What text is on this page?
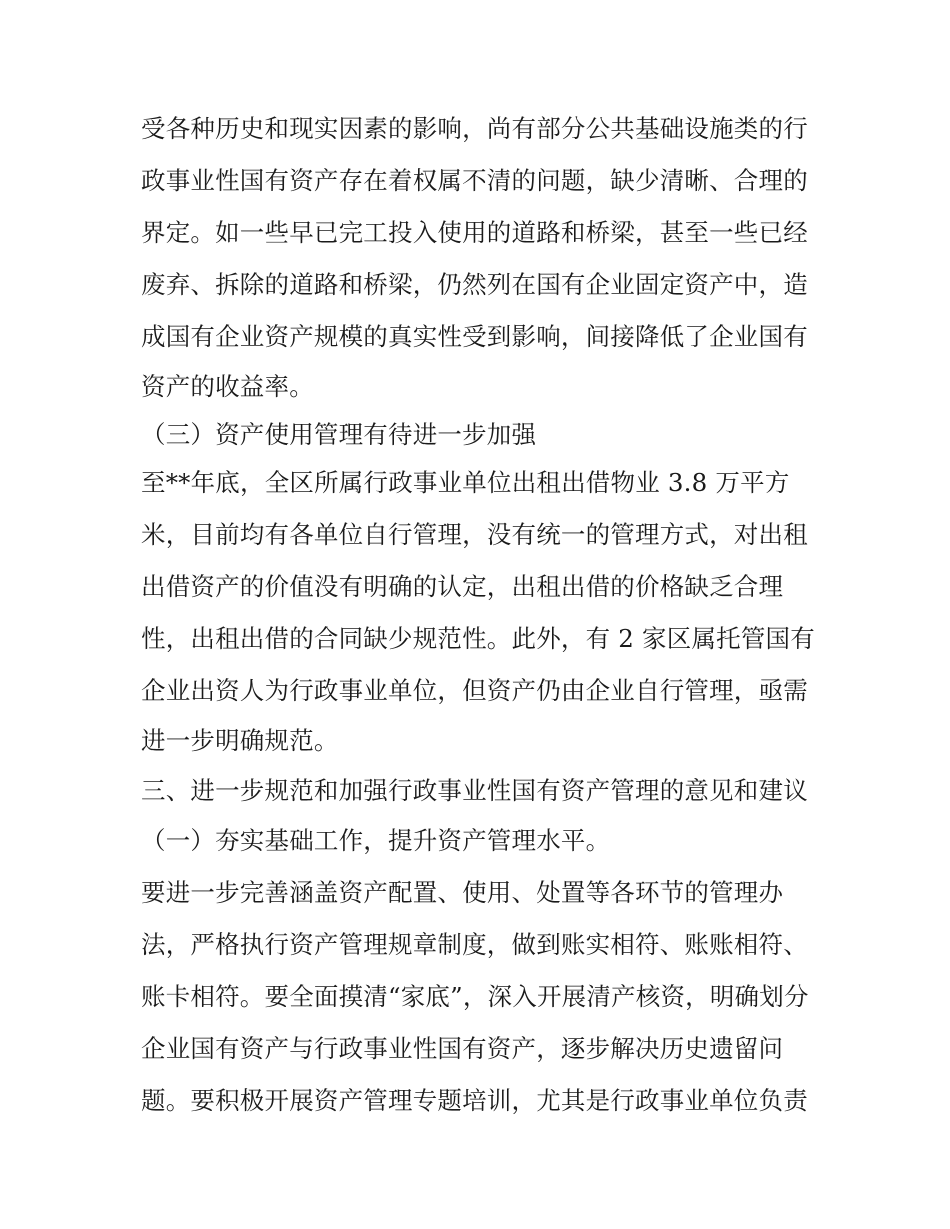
受各种历史和现实因素的影响，尚有部分公共基础设施类的行
政事业性国有资产存在着权属不清的问题，缺少清晰、合理的
界定。如一些早已完工投入使用的道路和桥梁，甚至一些已经
废弃、拆除的道路和桥梁，仍然列在国有企业固定资产中，造
成国有企业资产规模的真实性受到影响，间接降低了企业国有
资产的收益率。
（三）资产使用管理有待进一步加强
至**年底，全区所属行政事业单位出租出借物业 3.8 万平方
米，目前均有各单位自行管理，没有统一的管理方式，对出租
出借资产的价值没有明确的认定，出租出借的价格缺乏合理
性，出租出借的合同缺少规范性。此外，有 2 家区属托管国有
企业出资人为行政事业单位，但资产仍由企业自行管理，亟需
进一步明确规范。
三、进一步规范和加强行政事业性国有资产管理的意见和建议
（一）夯实基础工作，提升资产管理水平。
要进一步完善涵盖资产配置、使用、处置等各环节的管理办
法，严格执行资产管理规章制度，做到账实相符、账账相符、
账卡相符。要全面摸清“家底”，深入开展清产核资，明确划分
企业国有资产与行政事业性国有资产，逐步解决历史遗留问
题。要积极开展资产管理专题培训，尤其是行政事业单位负责
